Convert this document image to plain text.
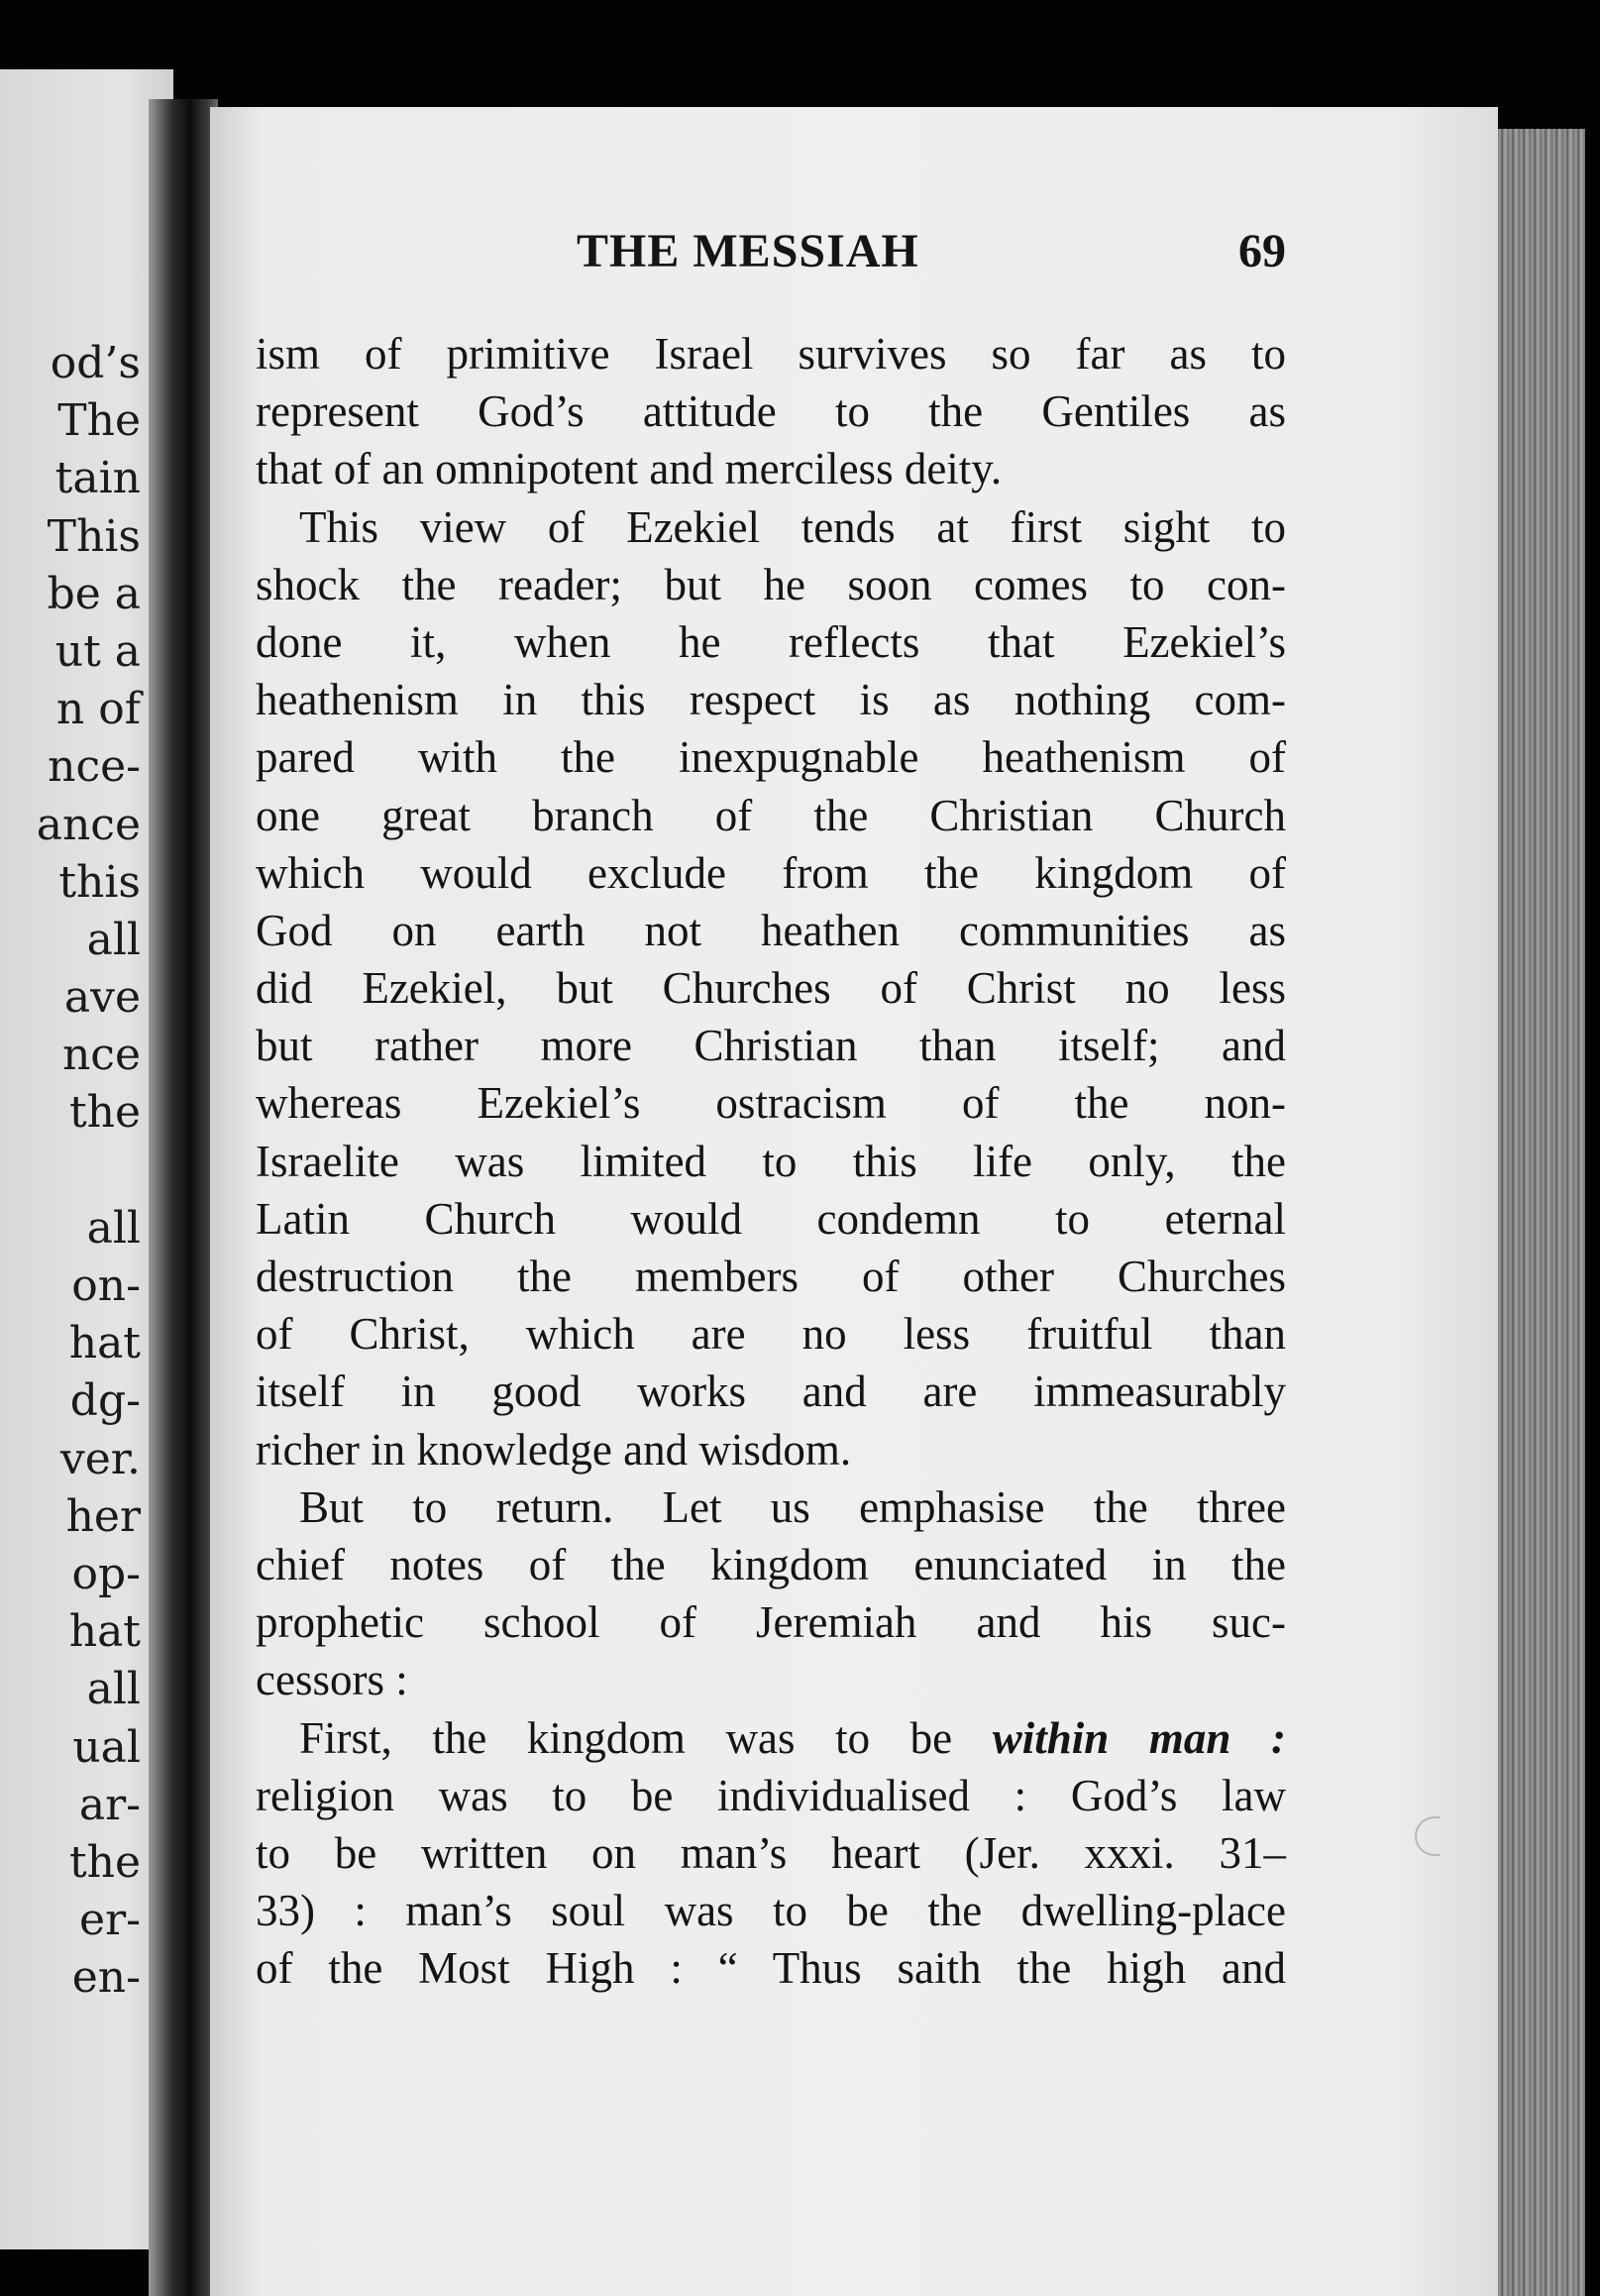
od’s
The
tain
This
be a
ut a
n of
nce-
ance
this
all
ave
nce
the
all
on-
hat
dg-
ver.
her
op-
hat
all
ual
ar-
the
er-
en-
THE MESSIAH	69
ism of primitive Israel survives so far as to
represent God’s attitude to the Gentiles as
that of an omnipotent and merciless deity.
This view of Ezekiel tends at first sight to
shock the reader; but he soon comes to con-
done it, when he reflects that Ezekiel’s
heathenism in this respect is as nothing com-
pared with the inexpugnable heathenism of
one great branch of the Christian Church
which would exclude from the kingdom of
God on earth not heathen communities as
did Ezekiel, but Churches of Christ no less
but rather more Christian than itself; and
whereas Ezekiel’s ostracism of the non-
Israelite was limited to this life only, the
Latin Church would condemn to eternal
destruction the members of other Churches
of Christ, which are no less fruitful than
itself in good works and are immeasurably
richer in knowledge and wisdom.
But to return. Let us emphasise the three
chief notes of the kingdom enunciated in the
prophetic school of Jeremiah and his suc-
cessors :
First, the kingdom was to be within man :
religion was to be individualised : God’s law
to be written on man’s heart (Jer. xxxi. 31–
33) : man’s soul was to be the dwelling-place
of the Most High : “ Thus saith the high and
